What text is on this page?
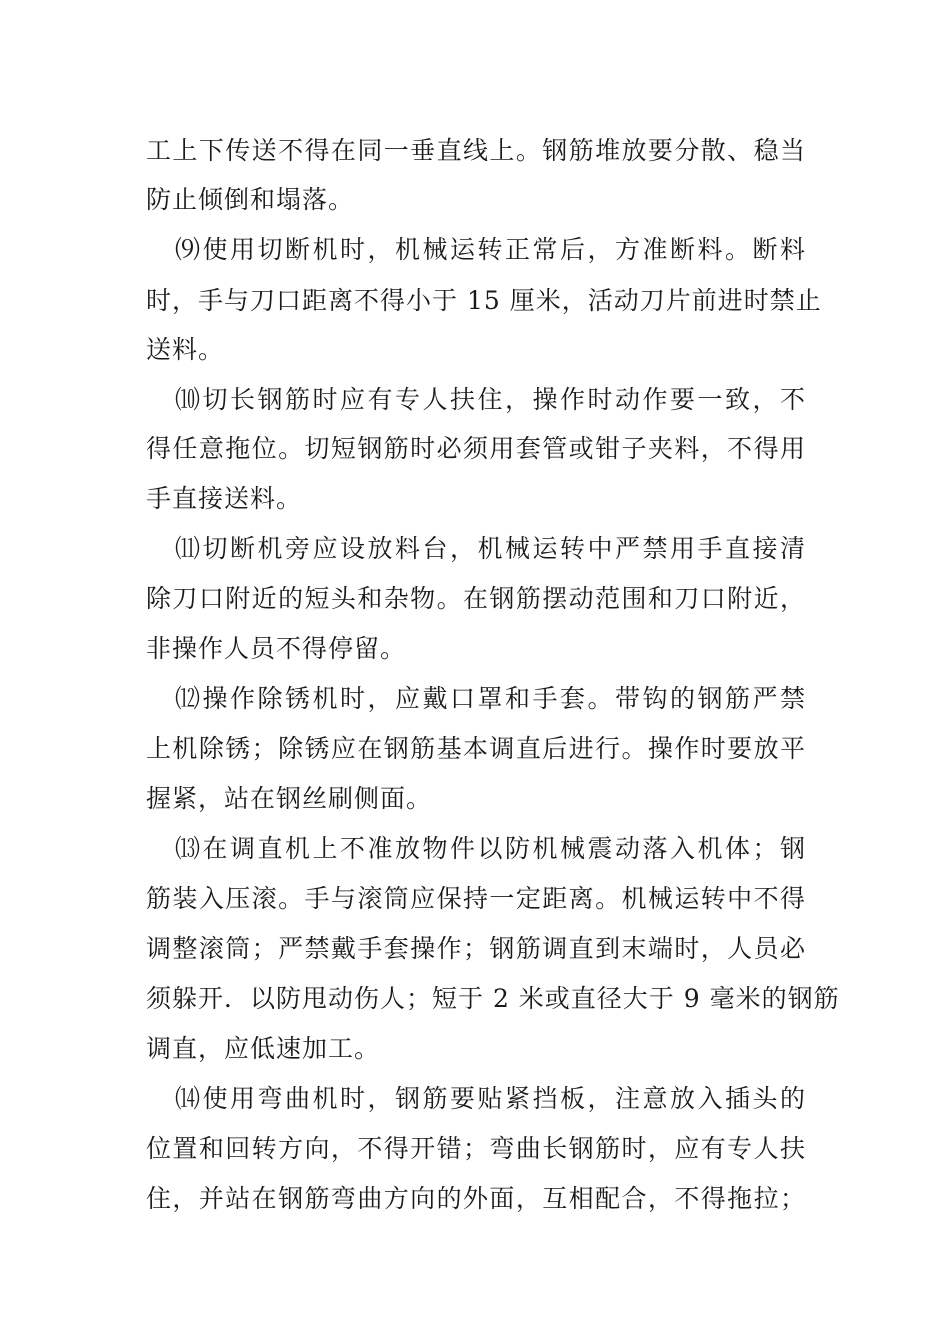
工上下传送不得在同一垂直线上。钢筋堆放要分散、稳当
防止倾倒和塌落。
⑼使用切断机时，机械运转正常后，方准断料。断料
时，手与刀口距离不得小于 15 厘米，活动刀片前进时禁止
送料。
⑽切长钢筋时应有专人扶住，操作时动作要一致，不
得任意拖位。切短钢筋时必须用套管或钳子夹料，不得用
手直接送料。
⑾切断机旁应设放料台，机械运转中严禁用手直接清
除刀口附近的短头和杂物。在钢筋摆动范围和刀口附近，
非操作人员不得停留。
⑿操作除锈机时，应戴口罩和手套。带钩的钢筋严禁
上机除锈；除锈应在钢筋基本调直后进行。操作时要放平
握紧，站在钢丝刷侧面。
⒀在调直机上不准放物件以防机械震动落入机体；钢
筋装入压滚。手与滚筒应保持一定距离。机械运转中不得
调整滚筒；严禁戴手套操作；钢筋调直到末端时，人员必
须躲开．以防甩动伤人；短于 2 米或直径大于 9 毫米的钢筋
调直，应低速加工。
⒁使用弯曲机时，钢筋要贴紧挡板，注意放入插头的
位置和回转方向，不得开错；弯曲长钢筋时，应有专人扶
住，并站在钢筋弯曲方向的外面，互相配合，不得拖拉；
